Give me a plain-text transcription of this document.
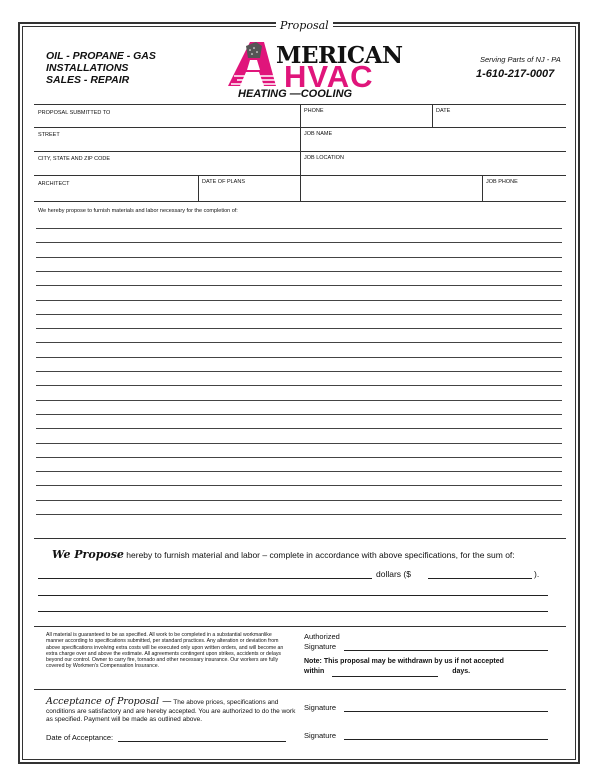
Proposal
OIL - PROPANE - GAS
INSTALLATIONS
SALES - REPAIR
MERICAN
HVAC
HEATING —COOLING
Serving Parts of NJ - PA
1-610-217-0007
PROPOSAL SUBMITTED TO	PHONE	DATE
STREET	JOB NAME
CITY, STATE AND ZIP CODE	JOB LOCATION
ARCHITECT	DATE OF PLANS	JOB PHONE
We hereby propose to furnish materials and labor necessary for the completion of:
We Propose hereby to furnish material and labor – complete in accordance with above specifications, for the sum of:
dollars ($	).
All material is guaranteed to be as specified. All work to be completed in a substantial workmanlike manner according to specifications submitted, per standard practices. Any alteration or deviation from above specifications involving extra costs will be executed only upon written orders, and will become an extra charge over and above the estimate. All agreements contingent upon strikes, accidents or delays beyond our control. Owner to carry fire, tornado and other necessary insurance. Our workers are fully covered by Workmen's Compensation Insurance.
Authorized
Signature
Note: This proposal may be withdrawn by us if not accepted
within	days.
Acceptance of Proposal — The above prices, specifications and conditions are satisfactory and are hereby accepted. You are authorized to do the work as specified. Payment will be made as outlined above.
Signature
Signature
Date of Acceptance:
